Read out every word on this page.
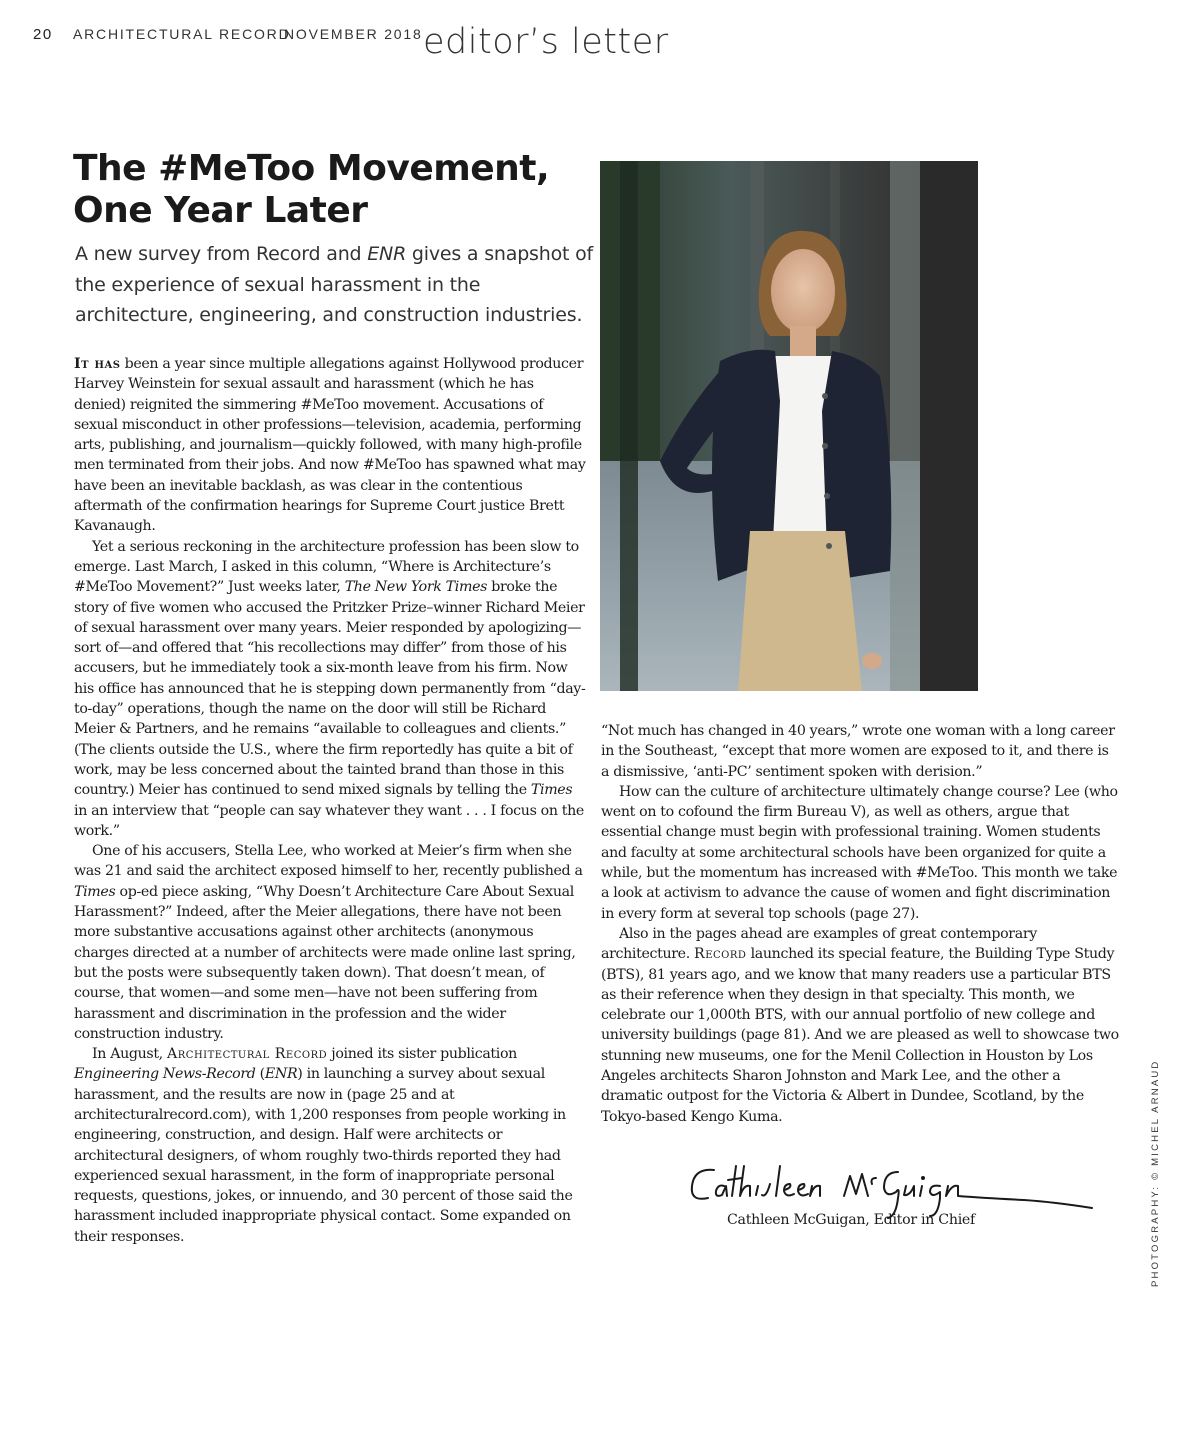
20 ARCHITECTURAL RECORD
NOVEMBER 2018 editor’s letter
The #MeToo Movement,
One Year Later

A new survey from Record and ENR gives a snapshot of the experience of sexual harassment in the architecture, engineering, and construction industries.

It has been a year since multiple allegations against Hollywood producer Harvey Weinstein for sexual assault and harassment (which he has denied) reignited the simmering #MeToo movement. Accusations of sexual misconduct in other professions—television, academia, performing arts, publishing, and journalism—quickly followed, with many high-profile men terminated from their jobs. And now #MeToo has spawned what may have been an inevitable backlash, as was clear in the contentious aftermath of the confirmation hearings for Supreme Court justice Brett Kavanaugh.

Yet a serious reckoning in the architecture profession has been slow to emerge. Last March, I asked in this column, “Where is Architecture’s #MeToo Movement?” Just weeks later, The New York Times broke the story of five women who accused the Pritzker Prize–winner Richard Meier of sexual harassment over many years. Meier responded by apologizing—sort of—and offered that “his recollections may differ” from those of his accusers, but he immediately took a six-month leave from his firm. Now his office has announced that he is stepping down permanently from “day-to-day” operations, though the name on the door will still be Richard Meier & Partners, and he remains “available to colleagues and clients.” (The clients outside the U.S., where the firm reportedly has quite a bit of work, may be less concerned about the tainted brand than those in this country.) Meier has continued to send mixed signals by telling the Times in an interview that “people can say whatever they want . . . I focus on the work.”

One of his accusers, Stella Lee, who worked at Meier’s firm when she was 21 and said the architect exposed himself to her, recently published a Times op-ed piece asking, “Why Doesn’t Architecture Care About Sexual Harassment?” Indeed, after the Meier allegations, there have not been more substantive accusations against other architects (anonymous charges directed at a number of architects were made online last spring, but the posts were subsequently taken down). That doesn’t mean, of course, that women—and some men—have not been suffering from harassment and discrimination in the profession and the wider construction industry.

In August, Architectural Record joined its sister publication Engineering News-Record (ENR) in launching a survey about sexual harassment, and the results are now in (page 25 and at architecturalrecord.com), with 1,200 responses from people working in engineering, construction, and design. Half were architects or architectural designers, of whom roughly two-thirds reported they had experienced sexual harassment, in the form of inappropriate personal requests, questions, jokes, or innuendo, and 30 percent of those said the harassment included inappropriate physical contact. Some expanded on their responses.

“Not much has changed in 40 years,” wrote one woman with a long career in the Southeast, “except that more women are exposed to it, and there is a dismissive, ‘anti-PC’ sentiment spoken with derision.”

How can the culture of architecture ultimately change course? Lee (who went on to cofound the firm Bureau V), as well as others, argue that essential change must begin with professional training. Women students and faculty at some architectural schools have been organized for quite a while, but the momentum has increased with #MeToo. This month we take a look at activism to advance the cause of women and fight discrimination in every form at several top schools (page 27).

Also in the pages ahead are examples of great contemporary architecture. Record launched its special feature, the Building Type Study (BTS), 81 years ago, and we know that many readers use a particular BTS as their reference when they design in that specialty. This month, we celebrate our 1,000th BTS, with our annual portfolio of new college and university buildings (page 81). And we are pleased as well to showcase two stunning new museums, one for the Menil Collection in Houston by Los Angeles architects Sharon Johnston and Mark Lee, and the other a dramatic outpost for the Victoria & Albert in Dundee, Scotland, by the Tokyo-based Kengo Kuma.

Cathleen McGuigan, Editor in Chief	PHOTOGRAPHY: © MICHEL ARNAUD
